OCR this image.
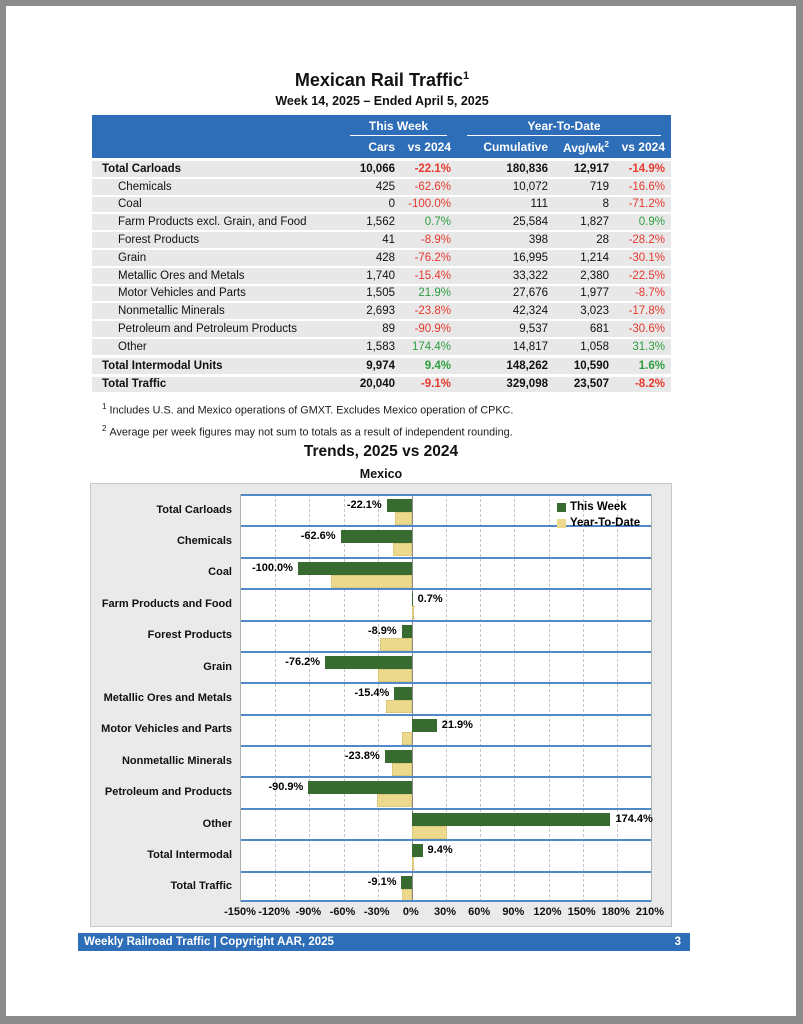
Mexican Rail Traffic$^1$
Week 14, 2025 – Ended April 5, 2025
This Week	Year-To-Date
Cars	vs 2024	Cumulative	Avg/$wk^2$	vs 2024
Total Carloads	10,066	-22.1%	180,836	12,917	-14.9%
Chemicals	425	-62.6%	10,072	719	-16.6%
Coal	0	-100.0%	111	8	-71.2%
Farm Products excl. Grain, and Food	1,562	0.7%	25,584	1,827	0.9%
Forest Products	41	-8.9%	398	28	-28.2%
Grain	428	-76.2%	16,995	1,214	-30.1%
Metallic Ores and Metals	1,740	-15.4%	33,322	2,380	-22.5%
Motor Vehicles and Parts	1,505	21.9%	27,676	1,977	-8.7%
Nonmetallic Minerals	2,693	-23.8%	42,324	3,023	-17.8%
Petroleum and Petroleum Products	89	-90.9%	9,537	681	-30.6%
Other	1,583	174.4%	14,817	1,058	31.3%
Total Intermodal Units	9,974	9.4%	148,262	10,590	1.6%
Total Traffic	20,040	-9.1%	329,098	23,507	-8.2%
$^1$ Includes U.S. and Mexico operations of GMXT. Excludes Mexico operation of CPKC.
$^2$ Average per week figures may not sum to totals as a result of independent rounding.
Trends, 2025 vs 2024
Mexico
Total Carloads
Chemicals
Coal
Farm Products and Food
Forest Products
Grain
Metallic Ores and Metals
Motor Vehicles and Parts
Nonmetallic Minerals
Petroleum and Products
Other
Total Intermodal
Total Traffic
-22.1%
-62.6%
-100.0%
0.7%
-8.9%
-76.2%
-15.4%
21.9%
-23.8%
-90.9%
174.4%
9.4%
-9.1%
This Week
Year-To-Date
-150% -120% -90% -60% -30%	0%	30%	60%	90% 120% 150% 180% 210%
Weekly Railroad Traffic | Copyright AAR, 2025	3
